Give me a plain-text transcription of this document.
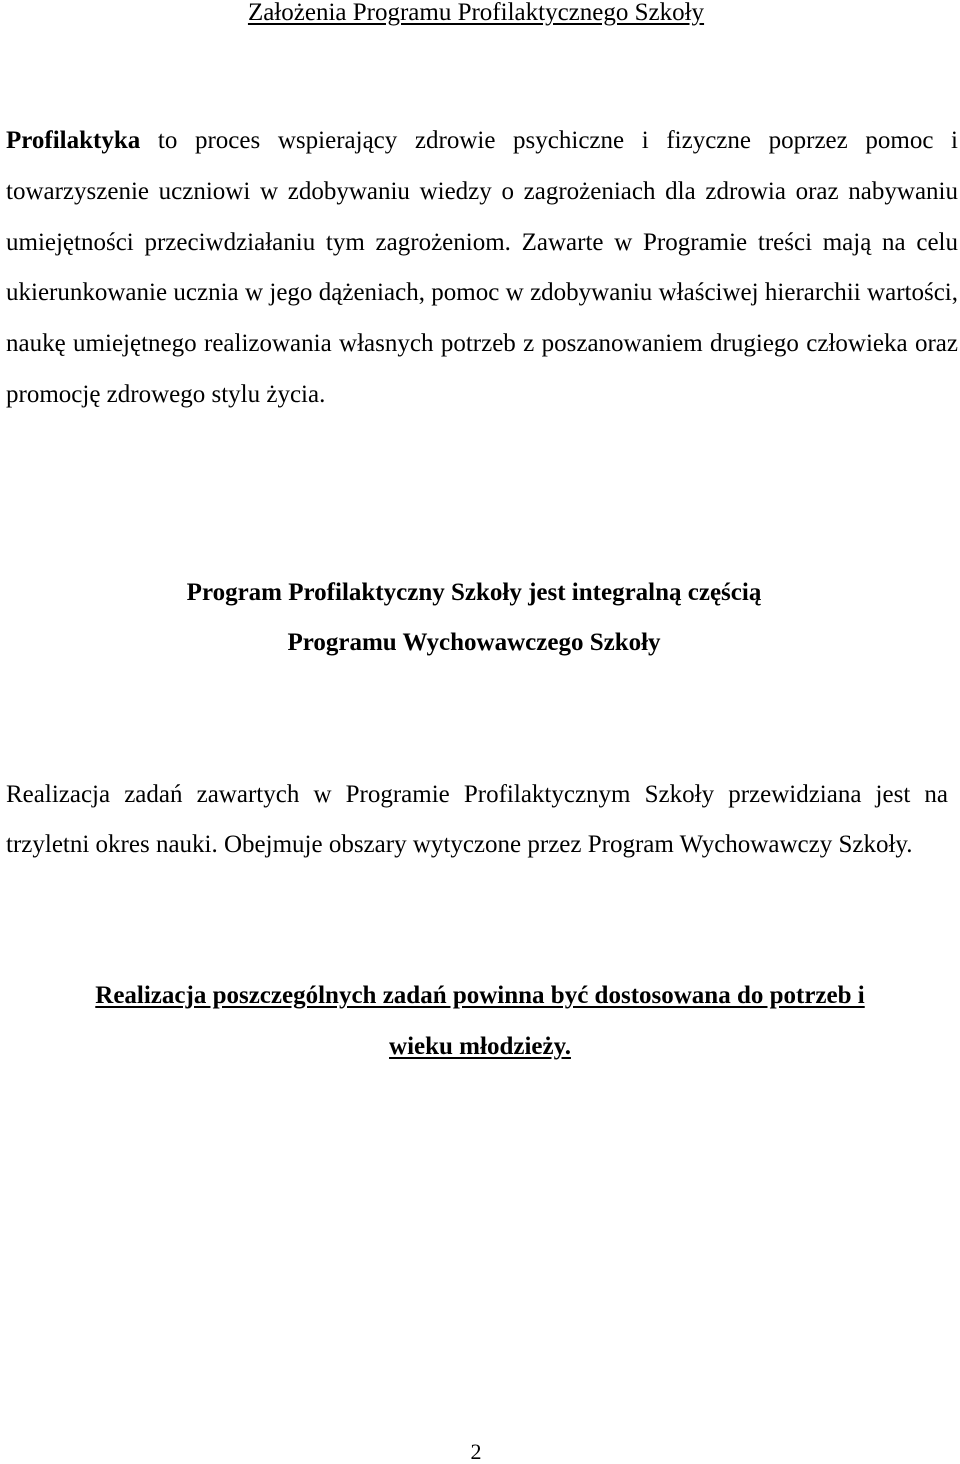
Założenia Programu Profilaktycznego Szkoły

Profilaktyka to proces wspierający zdrowie psychiczne i fizyczne poprzez pomoc i towarzyszenie uczniowi w zdobywaniu wiedzy o zagrożeniach dla zdrowia oraz nabywaniu umiejętności przeciwdziałaniu tym zagrożeniom. Zawarte w Programie treści mają na celu ukierunkowanie ucznia w jego dążeniach, pomoc w zdobywaniu właściwej hierarchii wartości, naukę umiejętnego realizowania własnych potrzeb z poszanowaniem drugiego człowieka oraz promocję zdrowego stylu życia.

Program Profilaktyczny Szkoły jest integralną częścią
Programu Wychowawczego Szkoły

Realizacja zadań zawartych w Programie Profilaktycznym Szkoły przewidziana jest na trzyletni okres nauki. Obejmuje obszary wytyczone przez Program Wychowawczy Szkoły.

Realizacja poszczególnych zadań powinna być dostosowana do potrzeb i
wieku młodzieży.

2
